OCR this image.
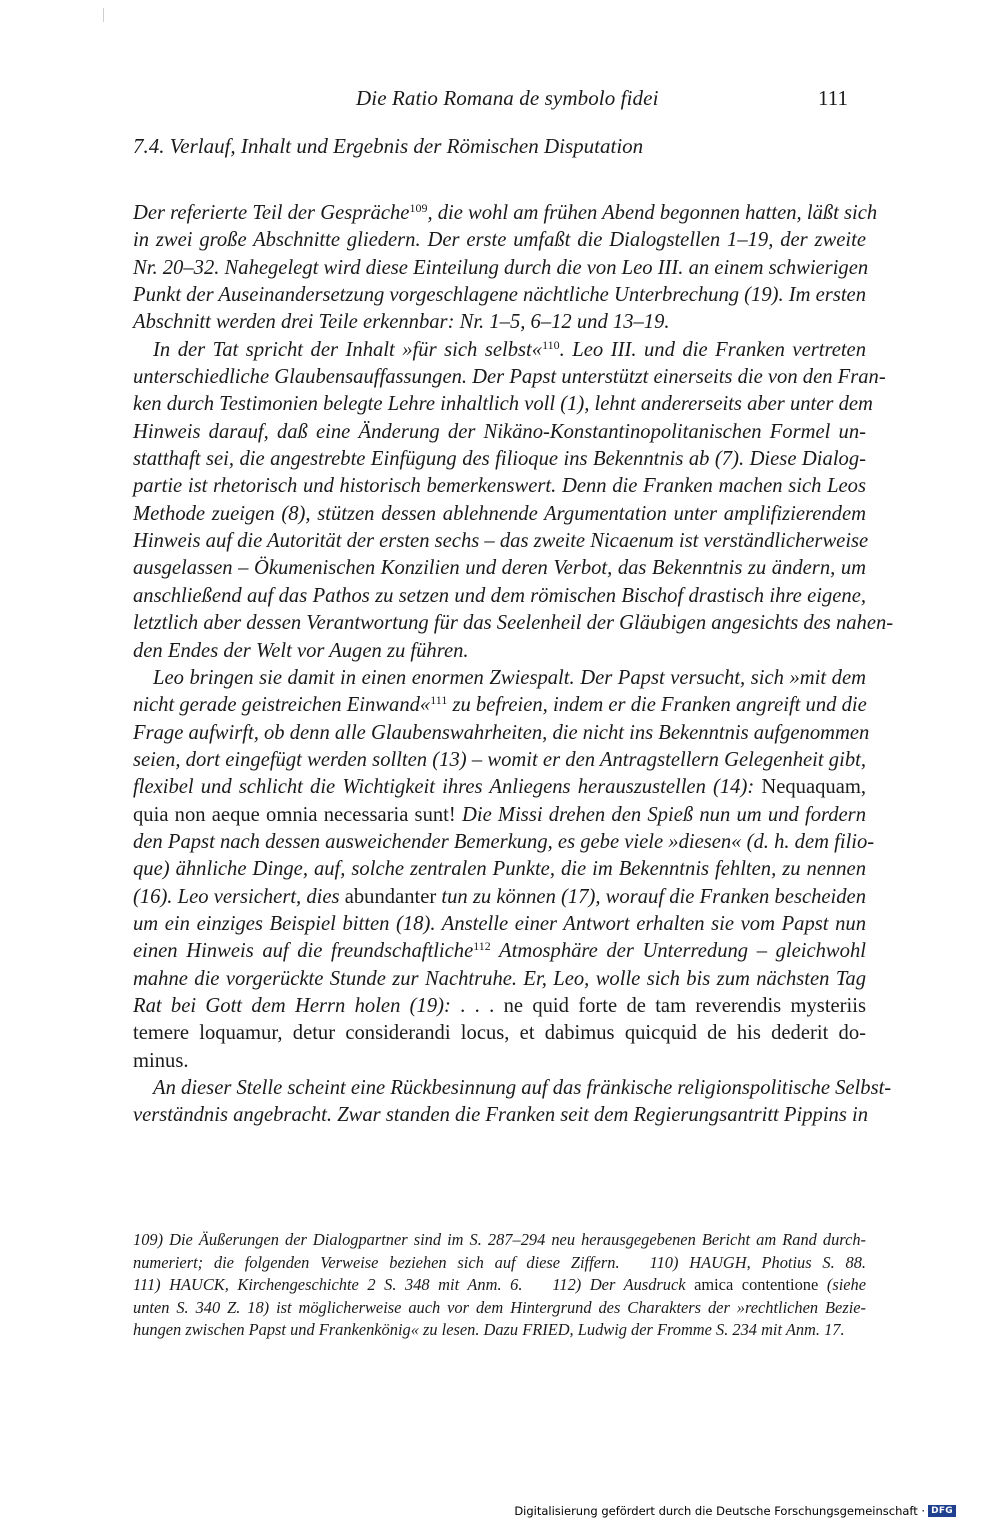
Die Ratio Romana de symbolo fidei	111
7.4. Verlauf, Inhalt und Ergebnis der Römischen Disputation
Der referierte Teil der Gespräche$^{109}$, die wohl am frühen Abend begonnen hatten, läßt sich
in zwei große Abschnitte gliedern. Der erste umfaßt die Dialogstellen 1–19, der zweite
Nr. 20–32. Nahegelegt wird diese Einteilung durch die von Leo III. an einem schwierigen
Punkt der Auseinandersetzung vorgeschlagene nächtliche Unterbrechung (19). Im ersten
Abschnitt werden drei Teile erkennbar: Nr. 1–5, 6–12 und 13–19.
In der Tat spricht der Inhalt »für sich selbst«$^{110}$. Leo III. und die Franken vertreten
unterschiedliche Glaubensauffassungen. Der Papst unterstützt einerseits die von den Fran-
ken durch Testimonien belegte Lehre inhaltlich voll (1), lehnt andererseits aber unter dem
Hinweis darauf, daß eine Änderung der Nikäno-Konstantinopolitanischen Formel un-
statthaft sei, die angestrebte Einfügung des filioque ins Bekenntnis ab (7). Diese Dialog-
partie ist rhetorisch und historisch bemerkenswert. Denn die Franken machen sich Leos
Methode zueigen (8), stützen dessen ablehnende Argumentation unter amplifizierendem
Hinweis auf die Autorität der ersten sechs – das zweite Nicaenum ist verständlicherweise
ausgelassen – Ökumenischen Konzilien und deren Verbot, das Bekenntnis zu ändern, um
anschließend auf das Pathos zu setzen und dem römischen Bischof drastisch ihre eigene,
letztlich aber dessen Verantwortung für das Seelenheil der Gläubigen angesichts des nahen-
den Endes der Welt vor Augen zu führen.
Leo bringen sie damit in einen enormen Zwiespalt. Der Papst versucht, sich »mit dem
nicht gerade geistreichen Einwand«$^{111}$ zu befreien, indem er die Franken angreift und die
Frage aufwirft, ob denn alle Glaubenswahrheiten, die nicht ins Bekenntnis aufgenommen
seien, dort eingefügt werden sollten (13) – womit er den Antragstellern Gelegenheit gibt,
flexibel und schlicht die Wichtigkeit ihres Anliegens herauszustellen (14): Nequaquam,
quia non aeque omnia necessaria sunt! Die Missi drehen den Spieß nun um und fordern
den Papst nach dessen ausweichender Bemerkung, es gebe viele »diesen« (d. h. dem filio-
que) ähnliche Dinge, auf, solche zentralen Punkte, die im Bekenntnis fehlten, zu nennen
(16). Leo versichert, dies abundanter tun zu können (17), worauf die Franken bescheiden
um ein einziges Beispiel bitten (18). Anstelle einer Antwort erhalten sie vom Papst nun
einen Hinweis auf die freundschaftliche$^{112}$ Atmosphäre der Unterredung – gleichwohl
mahne die vorgerückte Stunde zur Nachtruhe. Er, Leo, wolle sich bis zum nächsten Tag
Rat bei Gott dem Herrn holen (19): . . . ne quid forte de tam reverendis mysteriis
temere loquamur, detur considerandi locus, et dabimus quicquid de his dederit do-
minus.
An dieser Stelle scheint eine Rückbesinnung auf das fränkische religionspolitische Selbst-
verständnis angebracht. Zwar standen die Franken seit dem Regierungsantritt Pippins in
109) Die Äußerungen der Dialogpartner sind im S. 287–294 neu herausgegebenen Bericht am Rand durch-
numeriert; die folgenden Verweise beziehen sich auf diese Ziffern. 110) HAUGH, Photius S. 88.
111) HAUCK, Kirchengeschichte 2 S. 348 mit Anm. 6. 112) Der Ausdruck amica contentione (siehe
unten S. 340 Z. 18) ist möglicherweise auch vor dem Hintergrund des Charakters der »rechtlichen Bezie-
hungen zwischen Papst und Frankenkönig« zu lesen. Dazu FRIED, Ludwig der Fromme S. 234 mit Anm. 17.
Digitalisierung gefördert durch die Deutsche Forschungsgemeinschaft · DFG
